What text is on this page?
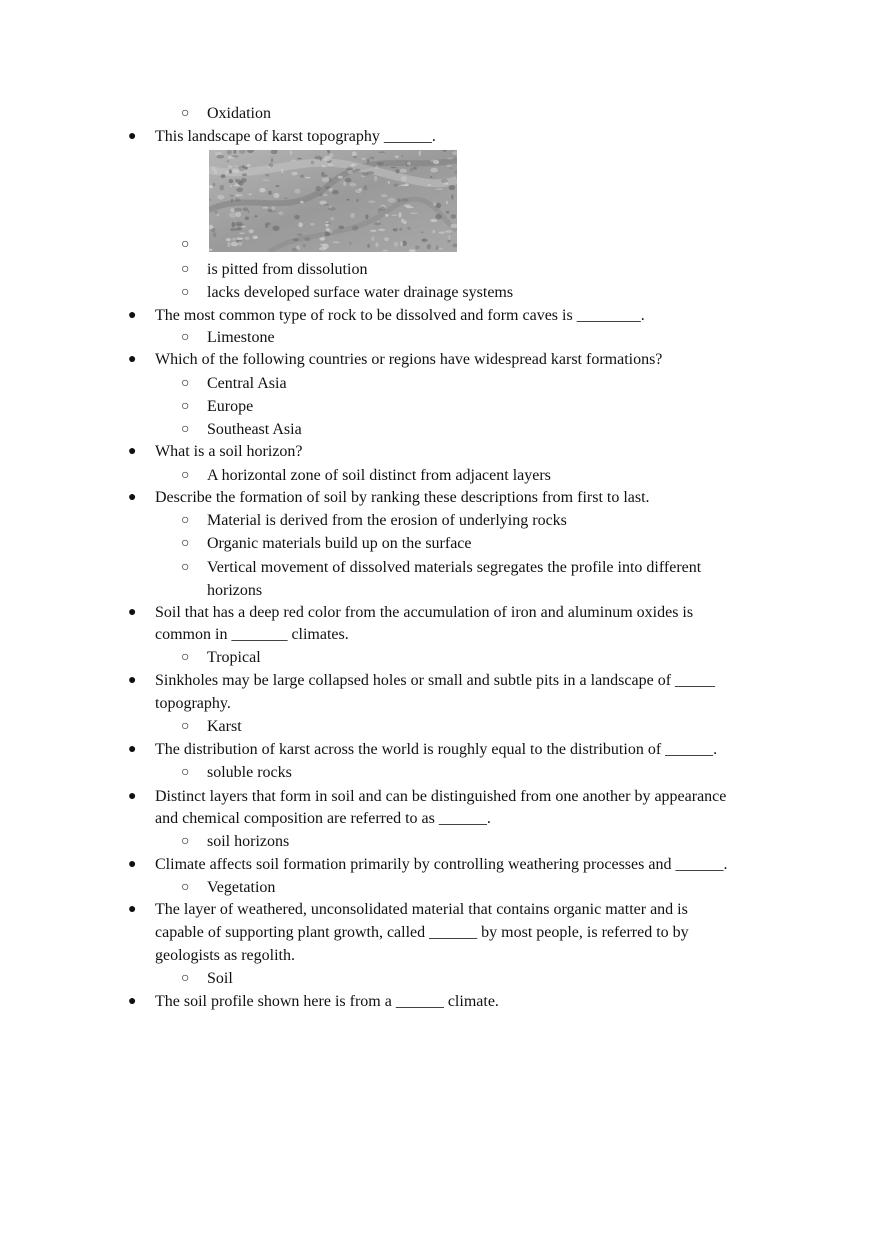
○ Oxidation
● This landscape of karst topography ______.
○
○ is pitted from dissolution
○ lacks developed surface water drainage systems
● The most common type of rock to be dissolved and form caves is ________.
○ Limestone
● Which of the following countries or regions have widespread karst formations?
○ Central Asia
○ Europe
○ Southeast Asia
● What is a soil horizon?
○ A horizontal zone of soil distinct from adjacent layers
● Describe the formation of soil by ranking these descriptions from first to last.
○ Material is derived from the erosion of underlying rocks
○ Organic materials build up on the surface
○ Vertical movement of dissolved materials segregates the profile into different
horizons
● Soil that has a deep red color from the accumulation of iron and aluminum oxides is
common in _______ climates.
○ Tropical
● Sinkholes may be large collapsed holes or small and subtle pits in a landscape of _____
topography.
○ Karst
● The distribution of karst across the world is roughly equal to the distribution of ______.
○ soluble rocks
● Distinct layers that form in soil and can be distinguished from one another by appearance
and chemical composition are referred to as ______.
○ soil horizons
● Climate affects soil formation primarily by controlling weathering processes and ______.
○ Vegetation
● The layer of weathered, unconsolidated material that contains organic matter and is
capable of supporting plant growth, called ______ by most people, is referred to by
geologists as regolith.
○ Soil
● The soil profile shown here is from a ______ climate.
